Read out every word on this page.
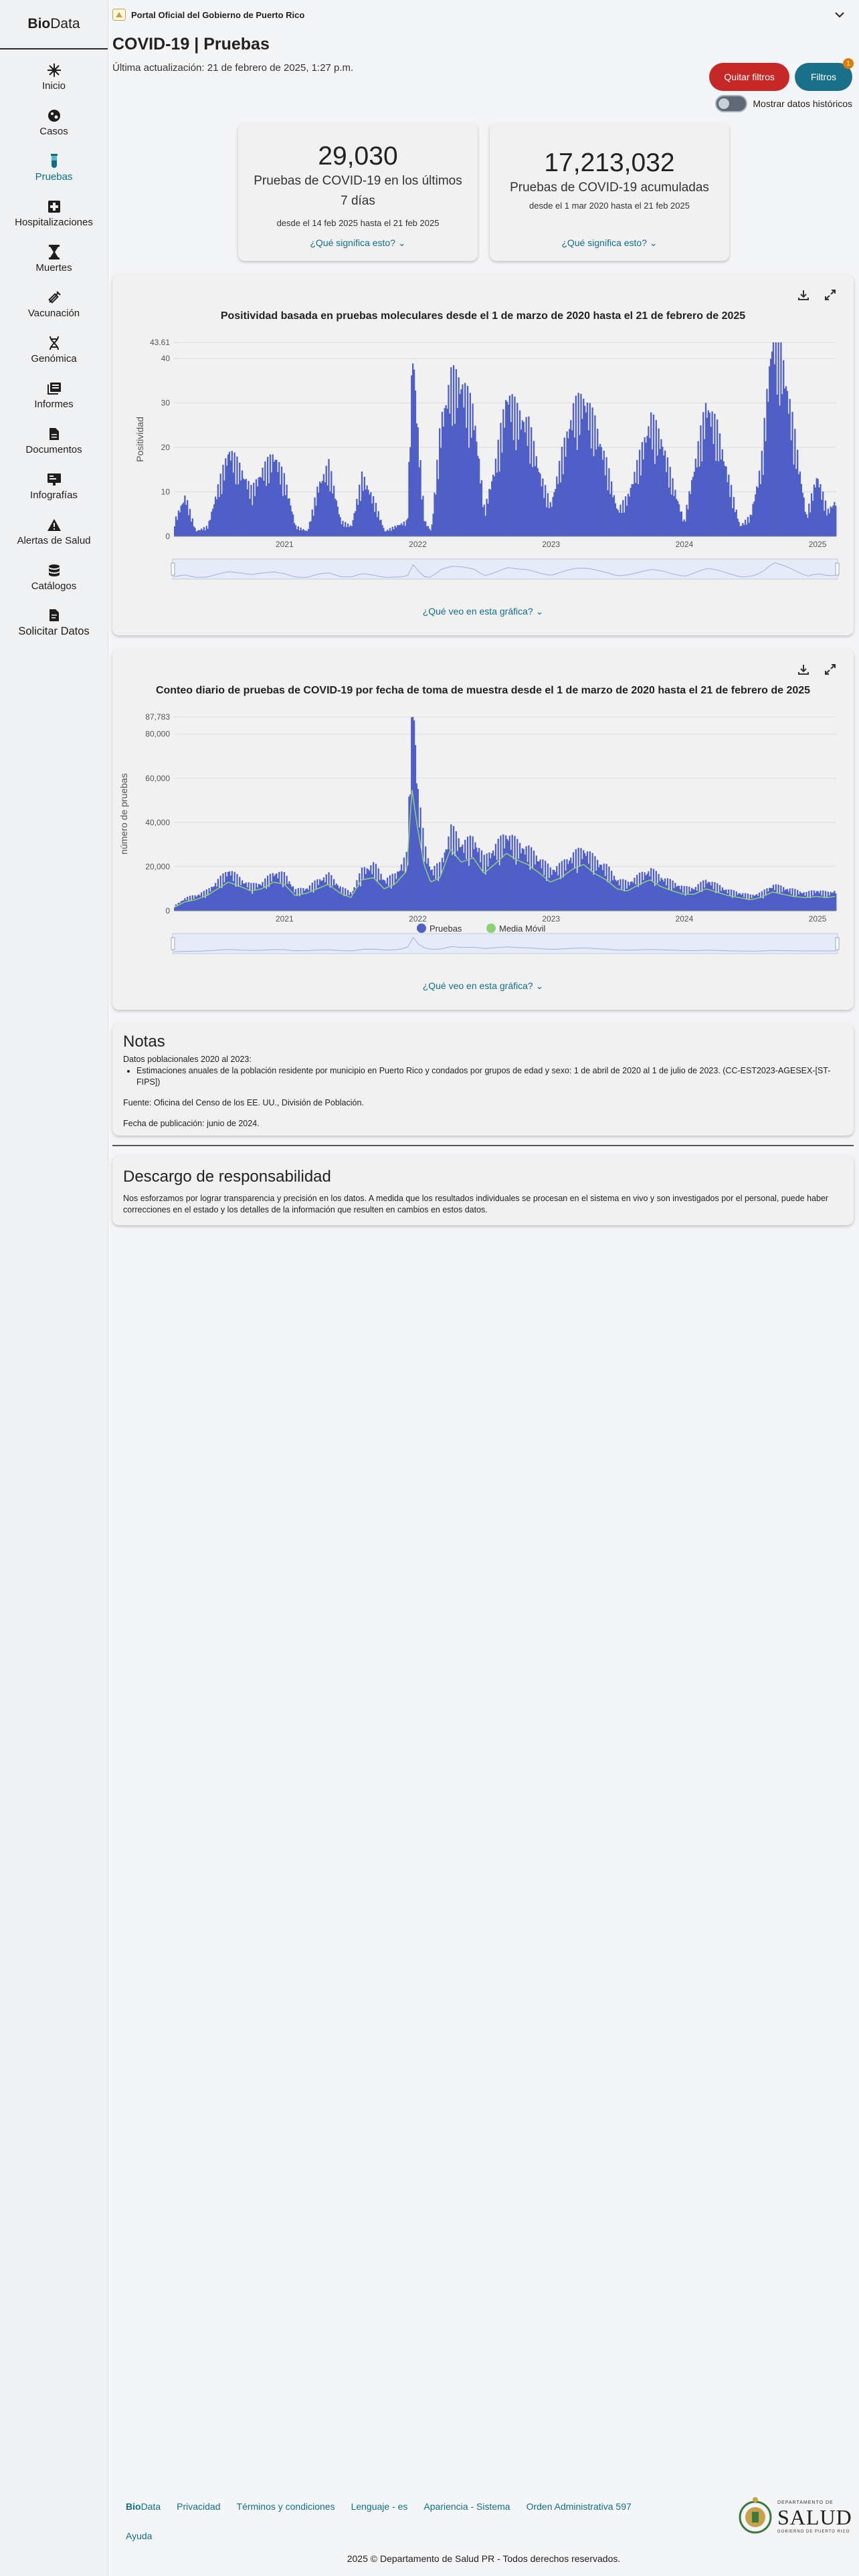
Bio Data
Inicio
Casos
Pruebas
Hospitalizaciones
Muertes
Vacunación
Genómica
Informes
Documentos
Infografías
Alertas de Salud
Catálogos
Solicitar Datos
Portal Oficial del Gobierno de Puerto Rico
COVID-19 | Pruebas
Última actualización: 21 de febrero de 2025, 1:27 p.m.
Quitar filtros	Filtros
1
Mostrar datos históricos
29,030
Pruebas de COVID-19 en los últimos 7 días
desde el 14 feb 2025 hasta el 21 feb 2025
¿Qué significa esto? ⌄
17,213,032
Pruebas de COVID-19 acumuladas
desde el 1 mar 2020 hasta el 21 feb 2025
¿Qué significa esto? ⌄
Positividad basada en pruebas moleculares desde el 1 de marzo de 2020 hasta el 21 de febrero de 2025
0
10
20
30
40
43.61
2021	2022	2023	2024	2025
Positividad
¿Qué veo en esta gráfica? ⌄
Conteo diario de pruebas de COVID-19 por fecha de toma de muestra desde el 1 de marzo de 2020 hasta el 21 de febrero de 2025
0
20,000
40,000
60,000
80,000
87,783
2021	2022	2023	2024	2025
número de pruebas
Pruebas	Media Móvil
¿Qué veo en esta gráfica? ⌄
Notas

Datos poblacionales 2020 al 2023:

• Estimaciones anuales de la población residente por municipio en Puerto Rico y condados por grupos de edad y sexo: 1 de abril de 2020 al 1 de julio de 2023. (CC-EST2023-AGESEX-[ST-FIPS])

Fuente: Oficina del Censo de los EE. UU., División de Población.

Fecha de publicación: junio de 2024.

Descargo de responsabilidad

Nos esforzamos por lograr transparencia y precisión en los datos. A medida que los resultados individuales se procesan en el sistema en vivo y son investigados por el personal, puede haber correcciones en el estado y los detalles de la información que resulten en cambios en estos datos.

BioData Privacidad Términos y condiciones Lenguaje - es Apariencia - Sistema Orden Administrativa 597
Ayuda
DEPARTAMENTO DE
SALUD
GOBIERNO DE PUERTO RICO
2025 © Departamento de Salud PR - Todos derechos reservados.
